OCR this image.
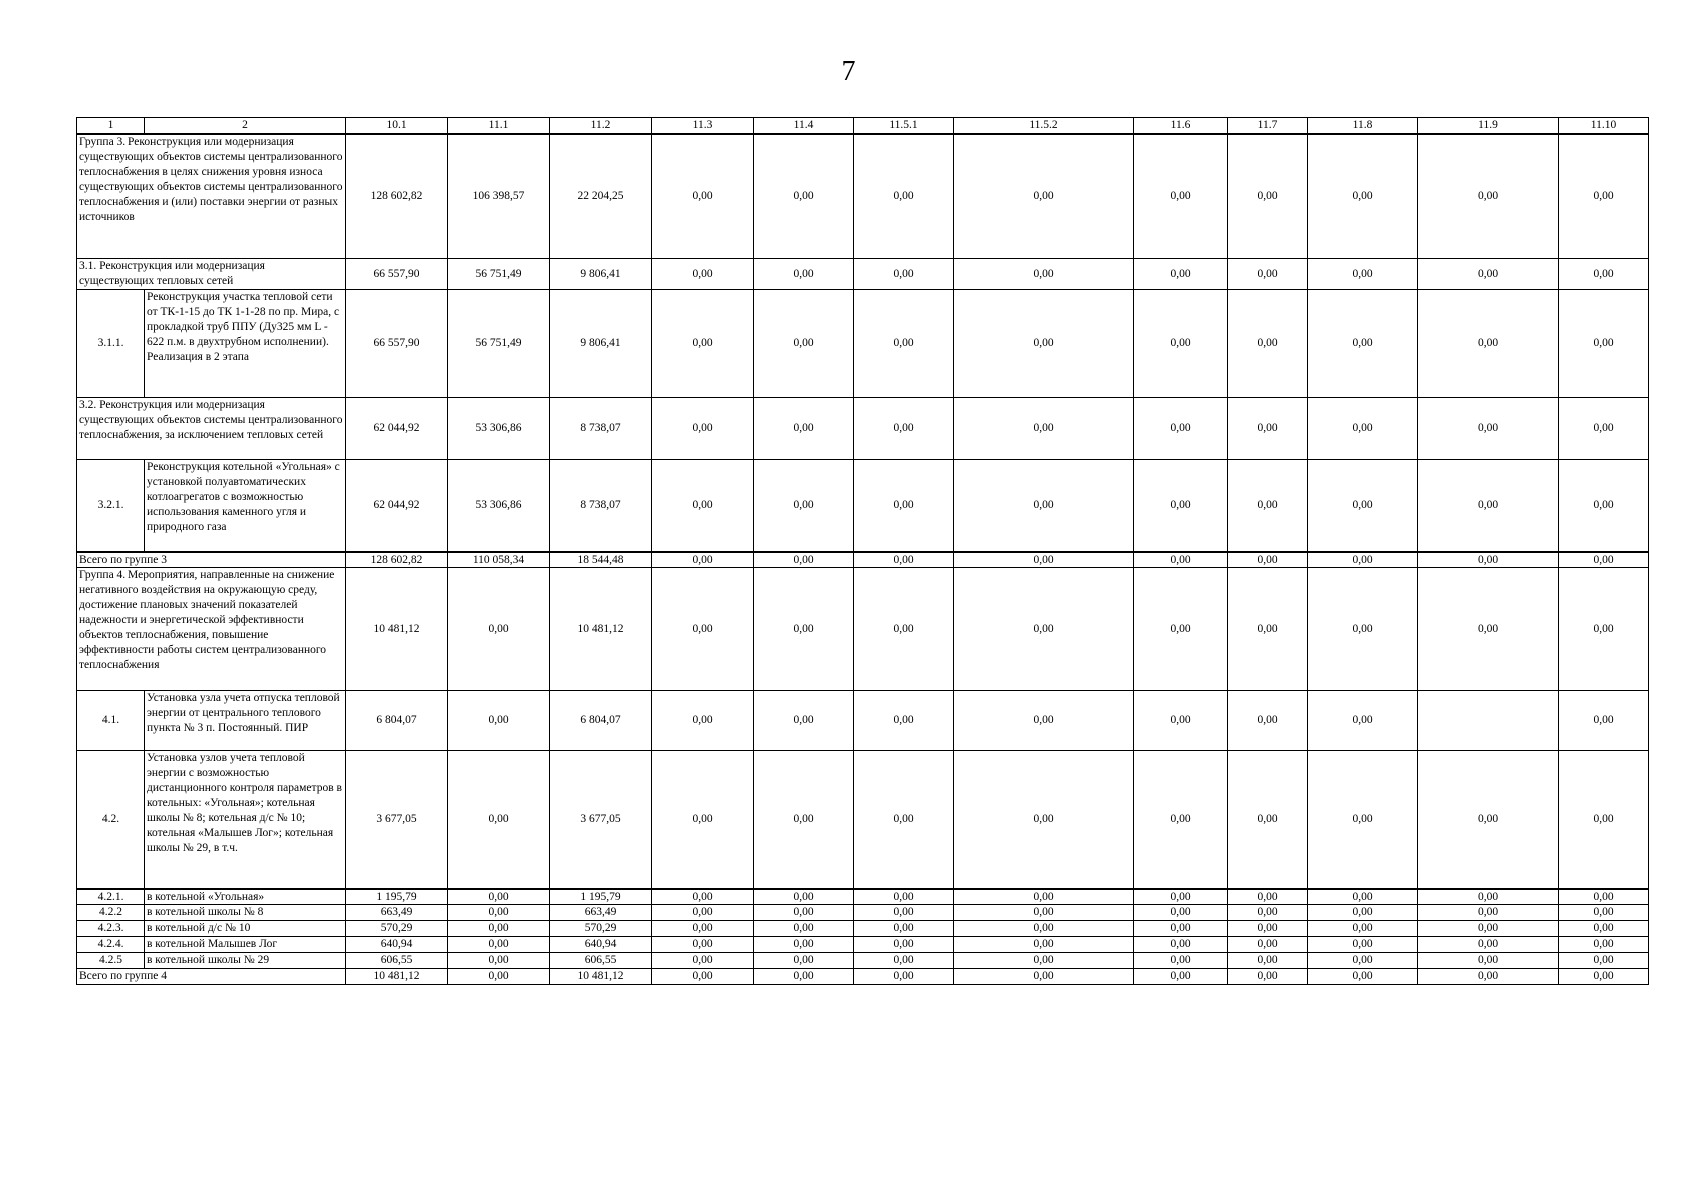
7
1	2	10.1	11.1	11.2	11.3	11.4	11.5.1	11.5.2	11.6	11.7	11.8	11.9	11.10
Группа 3. Реконструкция или модернизация существующих объектов системы централизованного теплоснабжения в целях снижения уровня износа существующих объектов системы централизованного теплоснабжения и (или) поставки энергии от разных источников		128 602,82	106 398,57	22 204,25	0,00	0,00	0,00	0,00	0,00	0,00	0,00	0,00	0,00
3.1. Реконструкция или модернизация существующих тепловых сетей		66 557,90	56 751,49	9 806,41	0,00	0,00	0,00	0,00	0,00	0,00	0,00	0,00	0,00
3.1.1.	Реконструкция участка тепловой сети от ТК-1-15 до ТК 1-1-28 по пр. Мира, с прокладкой труб ППУ (Ду325 мм L - 622 п.м. в двухтрубном исполнении). Реализация в 2 этапа	66 557,90	56 751,49	9 806,41	0,00	0,00	0,00	0,00	0,00	0,00	0,00	0,00	0,00
3.2. Реконструкция или модернизация существующих объектов системы централизованного теплоснабжения, за исключением тепловых сетей		62 044,92	53 306,86	8 738,07	0,00	0,00	0,00	0,00	0,00	0,00	0,00	0,00	0,00
3.2.1.	Реконструкция котельной «Угольная» с установкой полуавтоматических котлоагрегатов с возможностью использования каменного угля и природного газа	62 044,92	53 306,86	8 738,07	0,00	0,00	0,00	0,00	0,00	0,00	0,00	0,00	0,00
Всего по группе 3		128 602,82	110 058,34	18 544,48	0,00	0,00	0,00	0,00	0,00	0,00	0,00	0,00	0,00
Группа 4. Мероприятия, направленные на снижение негативного воздействия на окружающую среду, достижение плановых значений показателей надежности и энергетической эффективности объектов теплоснабжения, повышение эффективности работы систем централизованного теплоснабжения		10 481,12	0,00	10 481,12	0,00	0,00	0,00	0,00	0,00	0,00	0,00	0,00	0,00
4.1.	Установка узла учета отпуска тепловой энергии от центрального теплового пункта № 3 п. Постоянный. ПИР	6 804,07	0,00	6 804,07	0,00	0,00	0,00	0,00	0,00	0,00	0,00		0,00
4.2.	Установка узлов учета тепловой энергии с возможностью дистанционного контроля параметров в котельных: «Угольная»; котельная школы № 8; котельная д/с № 10; котельная «Малышев Лог»; котельная школы № 29, в т.ч.	3 677,05	0,00	3 677,05	0,00	0,00	0,00	0,00	0,00	0,00	0,00	0,00	0,00
4.2.1.	в котельной «Угольная»	1 195,79	0,00	1 195,79	0,00	0,00	0,00	0,00	0,00	0,00	0,00	0,00	0,00
4.2.2	в котельной школы № 8	663,49	0,00	663,49	0,00	0,00	0,00	0,00	0,00	0,00	0,00	0,00	0,00
4.2.3.	в котельной д/с № 10	570,29	0,00	570,29	0,00	0,00	0,00	0,00	0,00	0,00	0,00	0,00	0,00
4.2.4.	в котельной Малышев Лог	640,94	0,00	640,94	0,00	0,00	0,00	0,00	0,00	0,00	0,00	0,00	0,00
4.2.5	в котельной школы № 29	606,55	0,00	606,55	0,00	0,00	0,00	0,00	0,00	0,00	0,00	0,00	0,00
Всего по группе 4		10 481,12	0,00	10 481,12	0,00	0,00	0,00	0,00	0,00	0,00	0,00	0,00	0,00
